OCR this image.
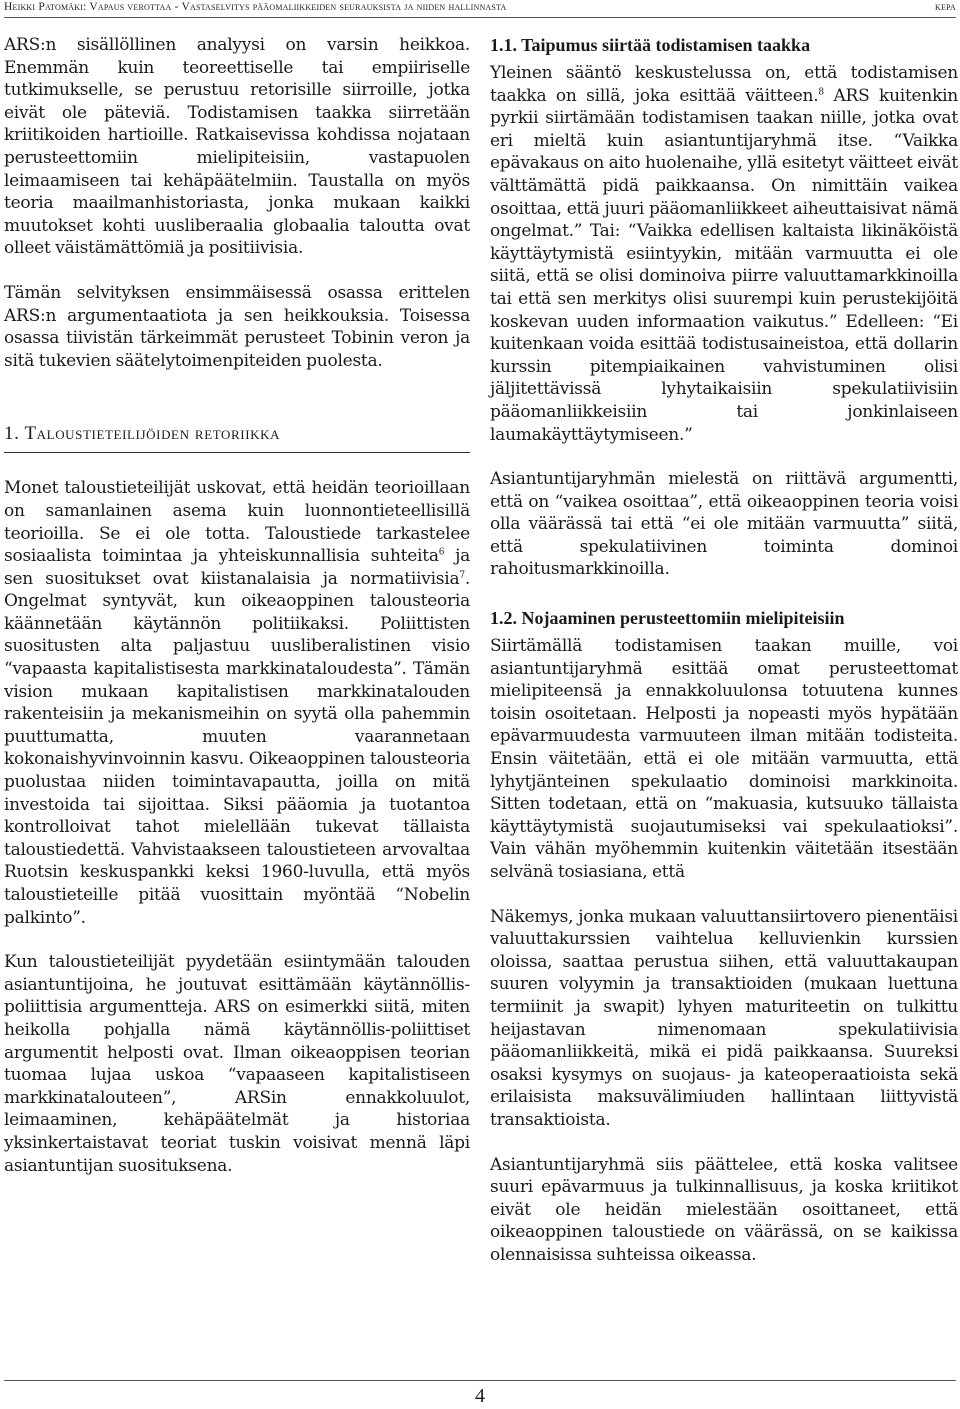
Heikki Patomäki: Vapaus verottaa - Vastaselvitys pääomaliikkeiden seurauksista ja niiden hallinnasta	kepa

ARS:n sisällöllinen analyysi on varsin heikkoa. Enemmän kuin teoreettiselle tai empiiriselle tutkimukselle, se perustuu retorisille siirroille, jotka eivät ole päteviä. Todistamisen taakka siirretään kriitikoiden hartioille. Ratkaisevissa kohdissa nojataan perusteettomiin mielipiteisiin, vastapuolen leimaamiseen tai kehäpäätelmiin. Taustalla on myös teoria maailmanhistoriasta, jonka mukaan kaikki muutokset kohti uusliberaalia globaalia taloutta ovat olleet väistämättömiä ja positiivisia.

Tämän selvityksen ensimmäisessä osassa erittelen ARS:n argumentaatiota ja sen heikkouksia. Toisessa osassa tiivistän tärkeimmät perusteet Tobinin veron ja sitä tukevien säätelytoimenpiteiden puolesta.

1. Taloustieteilijöiden retoriikka

Monet taloustieteilijät uskovat, että heidän teorioillaan on samanlainen asema kuin luonnontieteellisillä teorioilla. Se ei ole totta. Taloustiede tarkastelee sosiaalista toimintaa ja yhteiskunnallisia suhteita$^6$ ja sen suositukset ovat kiistanalaisia ja normatiivisia$^7$. Ongelmat syntyvät, kun oikeaoppinen talousteoria käännetään käytännön politiikaksi. Poliittisten suositusten alta paljastuu uusliberalistinen visio “vapaasta kapitalistisesta markkinataloudesta”. Tämän vision mukaan kapitalistisen markkinatalouden rakenteisiin ja mekanismeihin on syytä olla pahemmin puuttumatta, muuten vaarannetaan kokonaishyvinvoinnin kasvu. Oikeaoppinen talousteoria puolustaa niiden toimintavapautta, joilla on mitä investoida tai sijoittaa. Siksi pääomia ja tuotantoa kontrolloivat tahot mielellään tukevat tällaista taloustiedettä. Vahvistaakseen taloustieteen arvovaltaa Ruotsin keskuspankki keksi 1960-luvulla, että myös taloustieteille pitää vuosittain myöntää “Nobelin palkinto”.

Kun taloustieteilijät pyydetään esiintymään talouden asiantuntijoina, he joutuvat esittämään käytännöllis-poliittisia argumentteja. ARS on esimerkki siitä, miten heikolla pohjalla nämä käytännöllis-poliittiset argumentit helposti ovat. Ilman oikeaoppisen teorian tuomaa lujaa uskoa “vapaaseen kapitalistiseen markkinatalouteen”, ARSin ennakkoluulot, leimaaminen, kehäpäätelmät ja historiaa yksinkertaistavat teoriat tuskin voisivat mennä läpi asiantuntijan suosituksena.

1.1. Taipumus siirtää todistamisen taakka

Yleinen sääntö keskustelussa on, että todistamisen taakka on sillä, joka esittää väitteen.$^8$ ARS kuitenkin pyrkii siirtämään todistamisen taakan niille, jotka ovat eri mieltä kuin asiantuntijaryhmä itse. “Vaikka epävakaus on aito huolenaihe, yllä esitetyt väitteet eivät välttämättä pidä paikkaansa. On nimittäin vaikea osoittaa, että juuri pääomanliikkeet aiheuttaisivat nämä ongelmat.” Tai: “Vaikka edellisen kaltaista likinäköistä käyttäytymistä esiintyykin, mitään varmuutta ei ole siitä, että se olisi dominoiva piirre valuuttamarkkinoilla tai että sen merkitys olisi suurempi kuin perustekijöitä koskevan uuden informaation vaikutus.” Edelleen: “Ei kuitenkaan voida esittää todistusaineistoa, että dollarin kurssin pitempiaikainen vahvistuminen olisi jäljitettävissä lyhytaikaisiin spekulatiivisiin pääomanliikkeisiin tai jonkinlaiseen laumakäyttäytymiseen.”

Asiantuntijaryhmän mielestä on riittävä argumentti, että on “vaikea osoittaa”, että oikeaoppinen teoria voisi olla väärässä tai että “ei ole mitään varmuutta” siitä, että spekulatiivinen toiminta dominoi rahoitusmarkkinoilla.

1.2. Nojaaminen perusteettomiin mielipiteisiin

Siirtämällä todistamisen taakan muille, voi asiantuntijaryhmä esittää omat perusteettomat mielipiteensä ja ennakkoluulonsa totuutena kunnes toisin osoitetaan. Helposti ja nopeasti myös hypätään epävarmuudesta varmuuteen ilman mitään todisteita. Ensin väitetään, että ei ole mitään varmuutta, että lyhytjänteinen spekulaatio dominoisi markkinoita. Sitten todetaan, että on “makuasia, kutsuuko tällaista käyttäytymistä suojautumiseksi vai spekulaatioksi”. Vain vähän myöhemmin kuitenkin väitetään itsestään selvänä tosiasiana, että

Näkemys, jonka mukaan valuuttansiirtovero pienentäisi valuuttakurssien vaihtelua kelluvienkin kurssien oloissa, saattaa perustua siihen, että valuuttakaupan suuren volyymin ja transaktioiden (mukaan luettuna termiinit ja swapit) lyhyen maturiteetin on tulkittu heijastavan nimenomaan spekulatiivisia pääomanliikkeitä, mikä ei pidä paikkaansa. Suureksi osaksi kysymys on suojaus- ja kateoperaatioista sekä erilaisista maksuvälimiuden hallintaan liittyvistä transaktioista.

Asiantuntijaryhmä siis päättelee, että koska valitsee suuri epävarmuus ja tulkinnallisuus, ja koska kriitikot eivät ole heidän mielestään osoittaneet, että oikeaoppinen taloustiede on väärässä, on se kaikissa olennaisissa suhteissa oikeassa.

4
